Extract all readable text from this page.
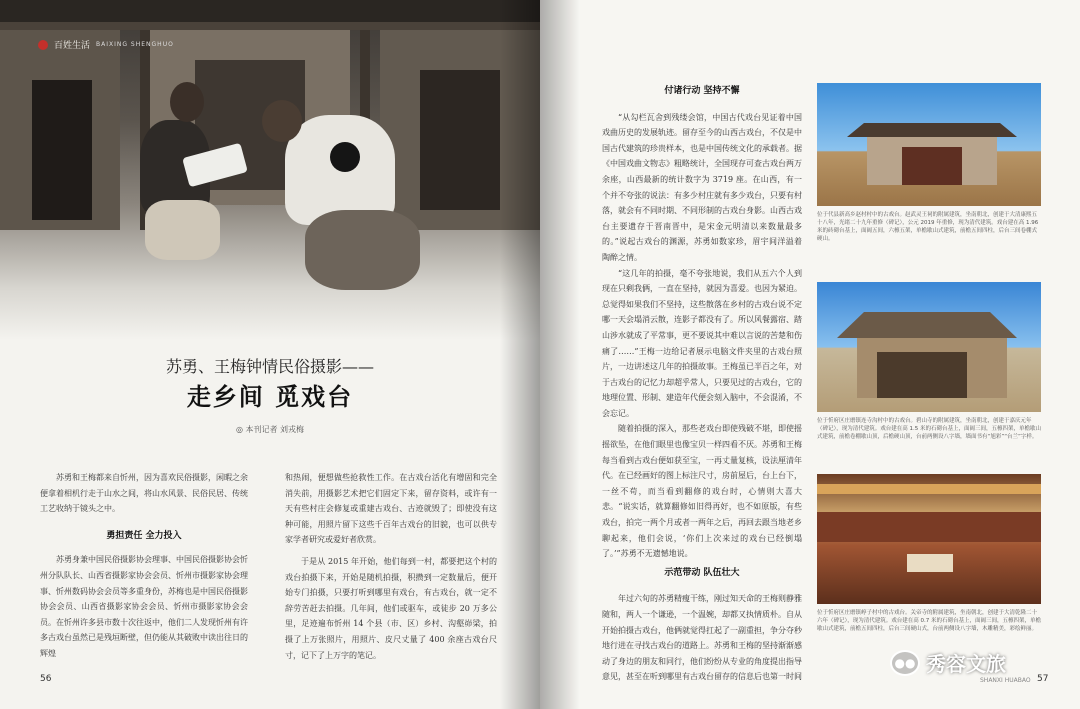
百姓生活 BAIXING SHENGHUO
苏勇、王梅钟情民俗摄影——
走乡间 觅戏台
◎ 本刊记者 刘戎梅

苏勇和王梅都来自忻州，因为喜欢民俗摄影，闲暇之余便拿着相机行走于山水之间，将山水风景、民俗民居、传统工艺收纳于镜头之中。

勇担责任 全力投入

苏勇身兼中国民俗摄影协会理事、中国民俗摄影协会忻州分队队长、山西省摄影家协会会员、忻州市摄影家协会理事、忻州数码协会会员等多重身份，苏梅也是中国民俗摄影协会会员、山西省摄影家协会会员、忻州市摄影家协会会员。在忻州许多县市数十次往返中，他们二人发现忻州有许多古戏台虽然已是残垣断壁，但仍能从其破败中读出往日的辉煌

和热闹，便想做些抢救性工作。在古戏台活化有增固和完全消失前，用摄影艺术把它们固定下来，留存资料，或许有一天有些村庄会修复或重建古戏台、古迹就毁了；即使没有这种可能，用照片留下这些千百年古戏台的旧貌，也可以供专家学者研究或爱好者欣赏。

于是从 2015 年开始，他们每到一村，都要把这个村的戏台拍摄下来，开始是随机拍摄，积攒到一定数量后，便开始专门拍摄，只要打听到哪里有戏台，有古戏台，就一定不辞劳苦赶去拍摄。几年间，他们或驱车，或徒步 20 万多公里，足迹遍布忻州 14 个县（市、区）乡村、沟壑峁梁，拍摄了上万张照片，用照片、皮尺丈量了 400 余座古戏台尺寸，记下了上万字的笔记。

56
付诸行动 坚持不懈

“从勾栏瓦舍到残缕会馆，中国古代戏台见证着中国戏曲历史的发展轨迹。留存至今的山西古戏台，不仅是中国古代建筑的珍贵样本，也是中国传统文化的承载者。据《中国戏曲文物志》粗略统计，全国现存可查古戏台两万余座，山西最新的统计数字为 3719 座。在山西，有一个并不夸张的说法：有多少村庄就有多少戏台，只要有村落，就会有不同时期、不同形制的古戏台身影。山西古戏台主要遗存于晋南晋中，是宋金元明清以来数量最多的。”说起古戏台的渊源，苏勇如数家珍，眉宇间洋溢着陶醉之情。

“这几年的拍摄，毫不夸张地说，我们从五六个人到现在只剩我俩，一直在坚持，就因为喜爱。也因为紧迫。总觉得如果我们不坚持，这些散落在乡村的古戏台说不定哪一天会塌消云散，连影子都没有了。所以风餐露宿、踏山涉水就成了平常事，更不要说其中难以言说的苦楚和伤痛了……”王梅一边给记者展示电脑文件夹里的古戏台照片，一边讲述这几年的拍摄故事。王梅虽已半百之年，对于古戏台的记忆力却超乎常人，只要见过的古戏台，它的地理位置、形制、建造年代便会刻入脑中，不会混淆，不会忘记。

随着拍摄的深入，那些老戏台即使残破不堪，即使摇摇欲坠，在他们眼里也像宝贝一样四看不厌。苏勇和王梅每当看到古戏台便如获至宝，一再丈量复核，设法厘清年代。在已经画好的图上标注尺寸，房前屋后，台上台下，一丝不苟，而当看到翻修的戏台时，心情则大喜大悲。“说实话，就算翻修如旧得再好，也不如原版，有些戏台，拍完一两个月或者一两年之后，再回去跟当地老乡聊起来，他们会说，‘你们上次来过的戏台已经倒塌了。’”苏勇不无遗憾地说。

示范带动 队伍壮大

年过六旬的苏勇精瘦干练，刚过知天命的王梅则静雅随和，两人一个谦逊，一个温婉，却都又执情质朴。自从开始拍摄古戏台，他俩就觉得扛起了一副重担，争分夺秒地行进在寻找古戏台的道路上。苏勇和王梅的坚持渐渐感动了身边的朋友和同行，他们纷纷从专业的角度提出指导意见，甚至在听到哪里有古戏台留存的信息后也第一时间

位于代县新高乡赵村村中的古戏台。赵武灵王祠的附属建筑，坐南朝北，创建于大清康熙五十八年，光绪二十九年重修（碑记），公元 2019 年重修，现为清代建筑。戏台建在高 1.96 米的砖砌台基上，面阔五间，六檩五架，单檐歇山式建筑，前檐五间四柱，后台三间卷棚式硬山。
位于忻府区庄磨镇连寺沟村中的古戏台。碧山寺的附属建筑，坐南朝北，创建于嘉庆元年（碑记），现为清代建筑。戏台建在高 1.5 米的石砌台基上，面阔三间，五檩四架，单檐歇山式建筑，前檐卷棚歇山顶，后檐硬山顶，台前两侧设八字墙，墙面书有“旭彩”“台兰”字样。
位于忻府区庄磨镇崞子村中的古戏台。关帝寺的附属建筑，坐南朝北，创建于大清乾隆二十六年（碑记），现为清代建筑。戏台建在高 0.7 米的石砌台基上，面阔三间，五檩四架，单檐歇山式建筑，前檐五间四柱，后台三间硬山式，台前两侧设八字墙，木雕精美，彩绘鲜丽。
SHANXI HUABAO 57
●● 秀容文旅
